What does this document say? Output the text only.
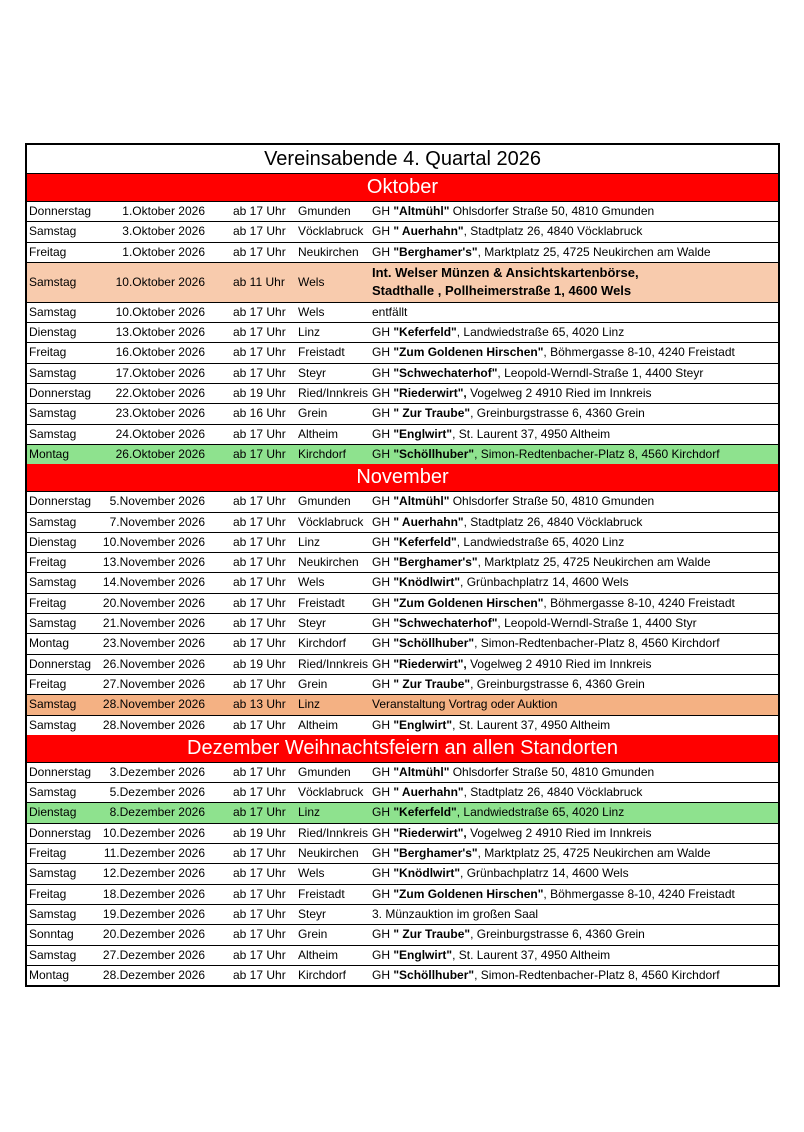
Vereinsabende 4. Quartal 2026
Oktober
Donnerstag	1.Oktober 2026 ab 17 Uhr Gmunden GH "Altmühl" Ohlsdorfer Straße 50, 4810 Gmunden
Samstag	3.Oktober 2026 ab 17 Uhr Vöcklabruck GH " Auerhahn", Stadtplatz 26, 4840 Vöcklabruck
Freitag	1.Oktober 2026 ab 17 Uhr Neukirchen GH "Berghamer's", Marktplatz 25, 4725 Neukirchen am Walde
Samstag	10.Oktober 2026 ab 11 Uhr Wels
Int. Welser Münzen & Ansichtskartenbörse,
Stadthalle , Pollheimerstraße 1, 4600 Wels
Samstag	10.Oktober 2026 ab 17 Uhr Wels	entfällt
Dienstag	13.Oktober 2026 ab 17 Uhr Linz	GH "Keferfeld", Landwiedstraße 65, 4020 Linz
Freitag	16.Oktober 2026 ab 17 Uhr Freistadt GH "Zum Goldenen Hirschen", Böhmergasse 8-10, 4240 Freistadt
Samstag	17.Oktober 2026 ab 17 Uhr Steyr	GH "Schwechaterhof", Leopold-Werndl-Straße 1, 4400 Steyr
Donnerstag	22.Oktober 2026 ab 19 Uhr Ried/Innkreis GH "Riederwirt", Vogelweg 2 4910 Ried im Innkreis
Samstag	23.Oktober 2026 ab 16 Uhr Grein	GH " Zur Traube", Greinburgstrasse 6, 4360 Grein
Samstag	24.Oktober 2026 ab 17 Uhr Altheim	GH "Englwirt", St. Laurent 37, 4950 Altheim
Montag	26.Oktober 2026 ab 17 Uhr Kirchdorf GH "Schöllhuber", Simon-Redtenbacher-Platz 8, 4560 Kirchdorf
November
Donnerstag	5.November 2026 ab 17 Uhr Gmunden GH "Altmühl" Ohlsdorfer Straße 50, 4810 Gmunden
Samstag	7.November 2026 ab 17 Uhr Vöcklabruck GH " Auerhahn", Stadtplatz 26, 4840 Vöcklabruck
Dienstag	10.November 2026 ab 17 Uhr Linz	GH "Keferfeld", Landwiedstraße 65, 4020 Linz
Freitag	13.November 2026 ab 17 Uhr Neukirchen GH "Berghamer's", Marktplatz 25, 4725 Neukirchen am Walde
Samstag	14.November 2026 ab 17 Uhr Wels	GH "Knödlwirt", Grünbachplatrz 14, 4600 Wels
Freitag	20.November 2026 ab 17 Uhr Freistadt GH "Zum Goldenen Hirschen", Böhmergasse 8-10, 4240 Freistadt
Samstag	21.November 2026 ab 17 Uhr Steyr	GH "Schwechaterhof", Leopold-Werndl-Straße 1, 4400 Styr
Montag	23.November 2026 ab 17 Uhr Kirchdorf GH "Schöllhuber", Simon-Redtenbacher-Platz 8, 4560 Kirchdorf
Donnerstag 26.November 2026 ab 19 Uhr Ried/Innkreis GH "Riederwirt", Vogelweg 2 4910 Ried im Innkreis
Freitag	27.November 2026 ab 17 Uhr Grein	GH " Zur Traube", Greinburgstrasse 6, 4360 Grein
Samstag	28.November 2026 ab 13 Uhr Linz	Veranstaltung Vortrag oder Auktion
Samstag	28.November 2026 ab 17 Uhr Altheim	GH "Englwirt", St. Laurent 37, 4950 Altheim
Dezember Weihnachtsfeiern an allen Standorten
Donnerstag	3.Dezember 2026 ab 17 Uhr Gmunden GH "Altmühl" Ohlsdorfer Straße 50, 4810 Gmunden
Samstag	5.Dezember 2026 ab 17 Uhr Vöcklabruck GH " Auerhahn", Stadtplatz 26, 4840 Vöcklabruck
Dienstag	8.Dezember 2026 ab 17 Uhr Linz	GH "Keferfeld", Landwiedstraße 65, 4020 Linz
Donnerstag 10.Dezember 2026 ab 19 Uhr Ried/Innkreis GH "Riederwirt", Vogelweg 2 4910 Ried im Innkreis
Freitag	11.Dezember 2026 ab 17 Uhr Neukirchen GH "Berghamer's", Marktplatz 25, 4725 Neukirchen am Walde
Samstag	12.Dezember 2026 ab 17 Uhr Wels	GH "Knödlwirt", Grünbachplatrz 14, 4600 Wels
Freitag	18.Dezember 2026 ab 17 Uhr Freistadt GH "Zum Goldenen Hirschen", Böhmergasse 8-10, 4240 Freistadt
Samstag	19.Dezember 2026 ab 17 Uhr Steyr	3. Münzauktion im großen Saal
Sonntag	20.Dezember 2026 ab 17 Uhr Grein	GH " Zur Traube", Greinburgstrasse 6, 4360 Grein
Samstag	27.Dezember 2026 ab 17 Uhr Altheim	GH "Englwirt", St. Laurent 37, 4950 Altheim
Montag	28.Dezember 2026 ab 17 Uhr Kirchdorf GH "Schöllhuber", Simon-Redtenbacher-Platz 8, 4560 Kirchdorf
